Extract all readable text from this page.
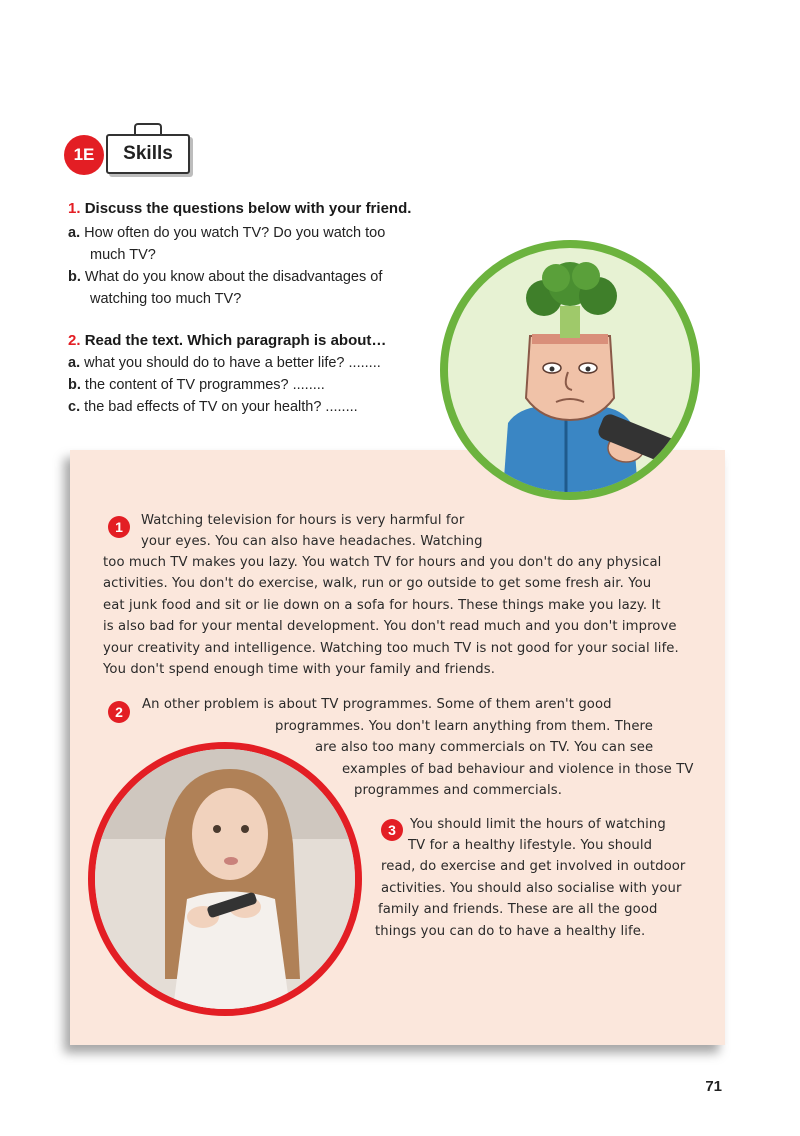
1E	Skills
1. Discuss the questions below with your friend.
a. How often do you watch TV? Do you watch too
much TV?
b. What do you know about the disadvantages of
watching too much TV?
2. Read the text. Which paragraph is about…
a. what you should do to have a better life? ........
b. the content of TV programmes? ........
c. the bad effects of TV on your health? ........
1	Watching television for hours is very harmful for
your eyes. You can also have headaches. Watching
too much TV makes you lazy. You watch TV for hours and you don't do any physical
activities. You don't do exercise, walk, run or go outside to get some fresh air. You
eat junk food and sit or lie down on a sofa for hours. These things make you lazy. It
is also bad for your mental development. You don't read much and you don't improve
your creativity and intelligence. Watching too much TV is not good for your social life.
You don't spend enough time with your family and friends.
2	An other problem is about TV programmes. Some of them aren't good
programmes. You don't learn anything from them. There
are also too many commercials on TV. You can see
examples of bad behaviour and violence in those TV
programmes and commercials.
3	You should limit the hours of watching
TV for a healthy lifestyle. You should
read, do exercise and get involved in outdoor
activities. You should also socialise with your
family and friends. These are all the good
things you can do to have a healthy life.
71
